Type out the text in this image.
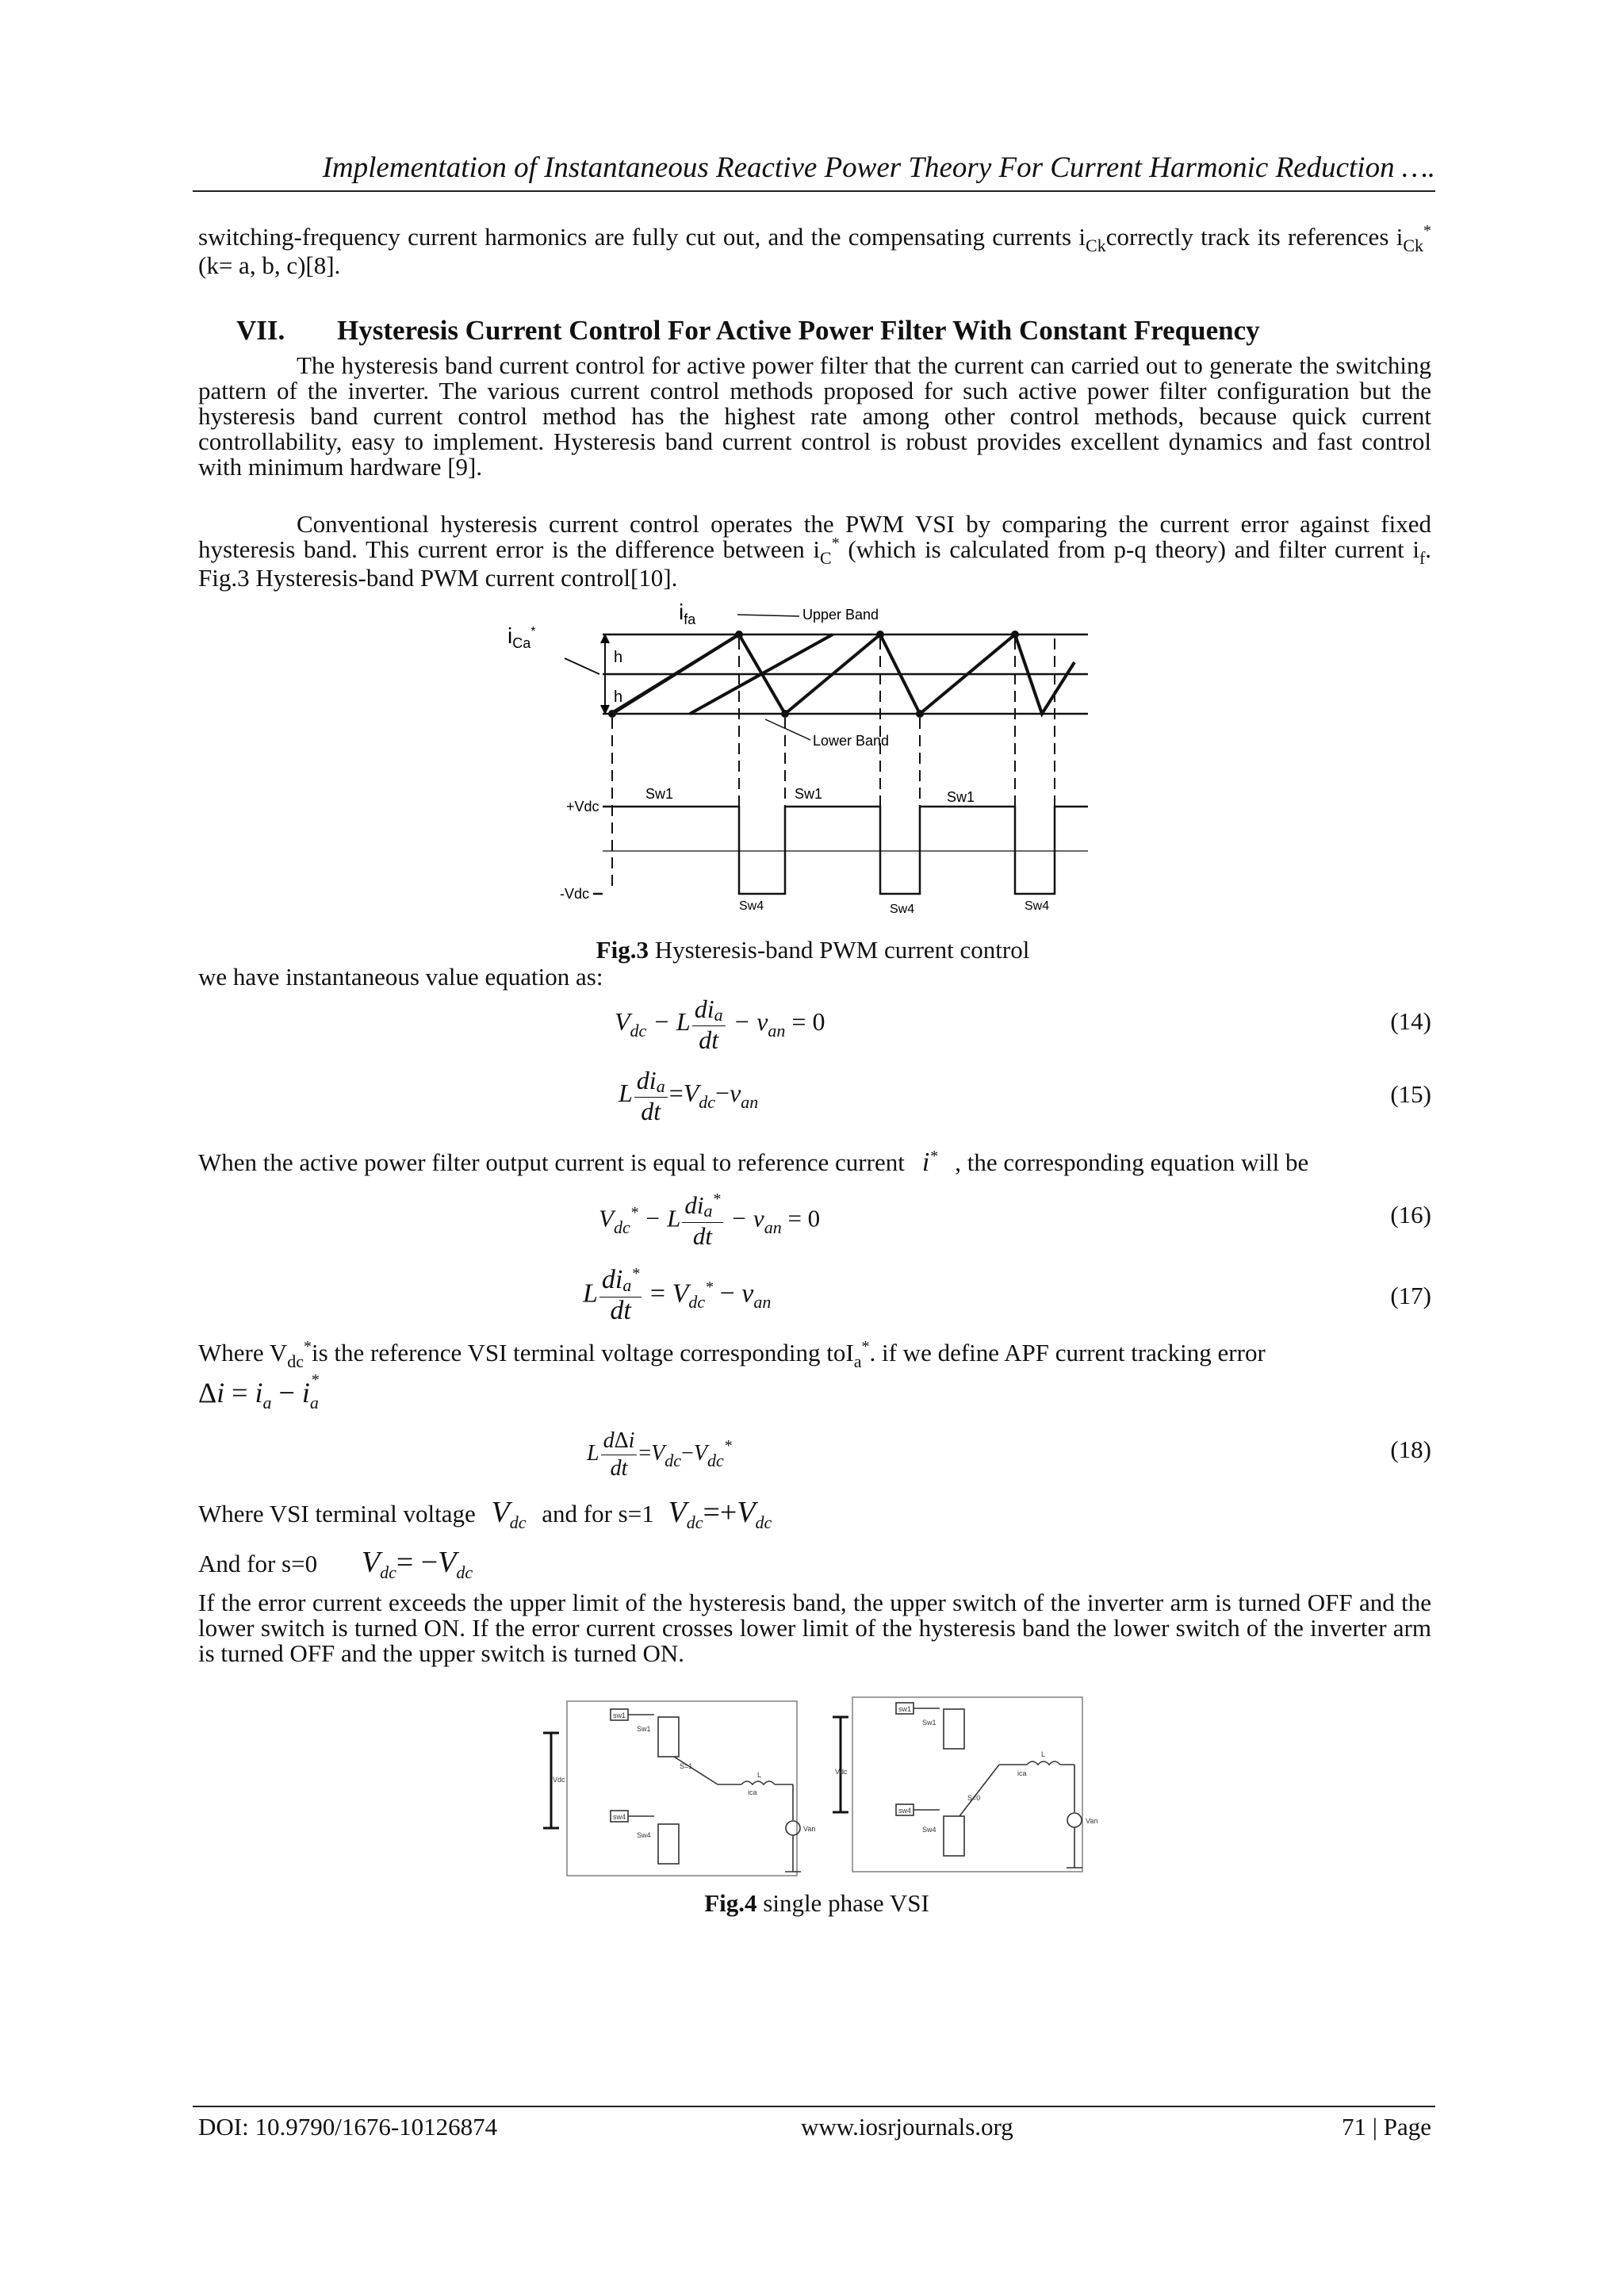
Implementation of Instantaneous Reactive Power Theory For Current Harmonic Reduction ….

switching-frequency current harmonics are fully cut out, and the compensating currents $i_{Ck}correctly$ track its references $i_{Ck}^*(k= a$, b, c)[8].

VII. Hysteresis Current Control For Active Power Filter With Constant Frequency

The hysteresis band current control for active power filter that the current can carried out to generate the switching pattern of the inverter. The various current control methods proposed for such active power filter configuration but the hysteresis band current control method has the highest rate among other control methods, because quick current controllability, easy to implement. Hysteresis band current control is robust provides excellent dynamics and fast control with minimum hardware [9].

Conventional hysteresis current control operates the PWM VSI by comparing the current error against fixed hysteresis band. This current error is the difference between $i_C^*$ (which is calculated from p-q theory) and filter current $i_f$. Fig.3 Hysteresis-band PWM current control[10].

h
h
$i_{Ca}^*$
$i_{fa}$	Upper Band
Lower Band
+Vdc
-Vdc
Sw1	Sw1	Sw1
Sw4	Sw4	Sw4
Fig.3 Hysteresis-band PWM current control
we have instantaneous value equation as:
$V_{dc} - L \frac{\text{dia}}{dt} - v_{an} = 0$	(14)
L $\frac{\text{dia}}{dt} =V_{dc}-v_{an}$	(15)
When the active power filter output current is equal to reference current i* , the corresponding equation will be
$V_{dc}^* - L \frac{dia^*}{dt} - v_{an} = 0$	(16)
L $\frac{dia^*}{dt} = V_{dc}^* - v_{an}$	(17)
Where $V_{dc}^*is$ the reference VSI terminal voltage corresponding toI$_a$*. if we define APF current tracking error
$\Delta i = i_a - i_a^*$
L $\frac{\text{dΔi}}{dt} =V_{dc}-V_{dc}^*$	(18)
Where VSI terminal voltage $V_{dc}$ and for s=1 $V_{dc}=+V_{dc}$
And for s=0 $V_{dc}= -V_{dc}$

If the error current exceeds the upper limit of the hysteresis band, the upper switch of the inverter arm is turned OFF and the lower switch is turned ON. If the error current crosses lower limit of the hysteresis band the lower switch of the inverter arm is turned OFF and the upper switch is turned ON.

sw1
sw4
Sw1
Sw4
Vdc
S=1
ica
L
Van
sw1
sw4
Sw1
Sw4
Vdc
S=0
ica
L
Van
Fig.4 single phase VSI
DOI: 10.9790/1676-10126874	www.iosrjournals.org	71 | Page
